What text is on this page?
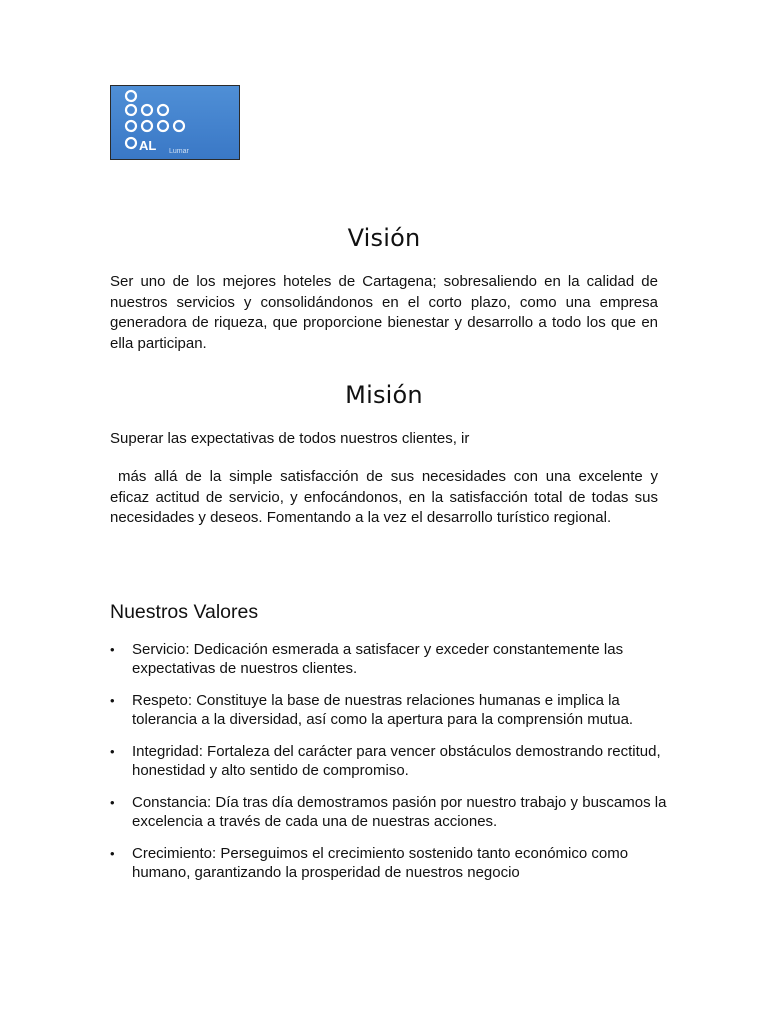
AL Lumar
Visión
Ser uno de los mejores hoteles de Cartagena; sobresaliendo en la calidad de nuestros servicios y consolidándonos en el corto plazo, como una empresa generadora de riqueza, que proporcione bienestar y desarrollo a todo los que en ella participan.
Misión
Superar las expectativas de todos nuestros clientes, ir
más allá de la simple satisfacción de sus necesidades con una excelente y eficaz actitud de servicio, y enfocándonos, en la satisfacción total de todas sus necesidades y deseos. Fomentando a la vez el desarrollo turístico regional.
Nuestros Valores
• Servicio: Dedicación esmerada a satisfacer y exceder constantemente las expectativas de nuestros clientes.
• Respeto: Constituye la base de nuestras relaciones humanas e implica la tolerancia a la diversidad, así como la apertura para la comprensión mutua.
• Integridad: Fortaleza del carácter para vencer obstáculos demostrando rectitud, honestidad y alto sentido de compromiso.
• Constancia: Día tras día demostramos pasión por nuestro trabajo y buscamos la excelencia a través de cada una de nuestras acciones.
• Crecimiento: Perseguimos el crecimiento sostenido tanto económico como humano, garantizando la prosperidad de nuestros negocio
